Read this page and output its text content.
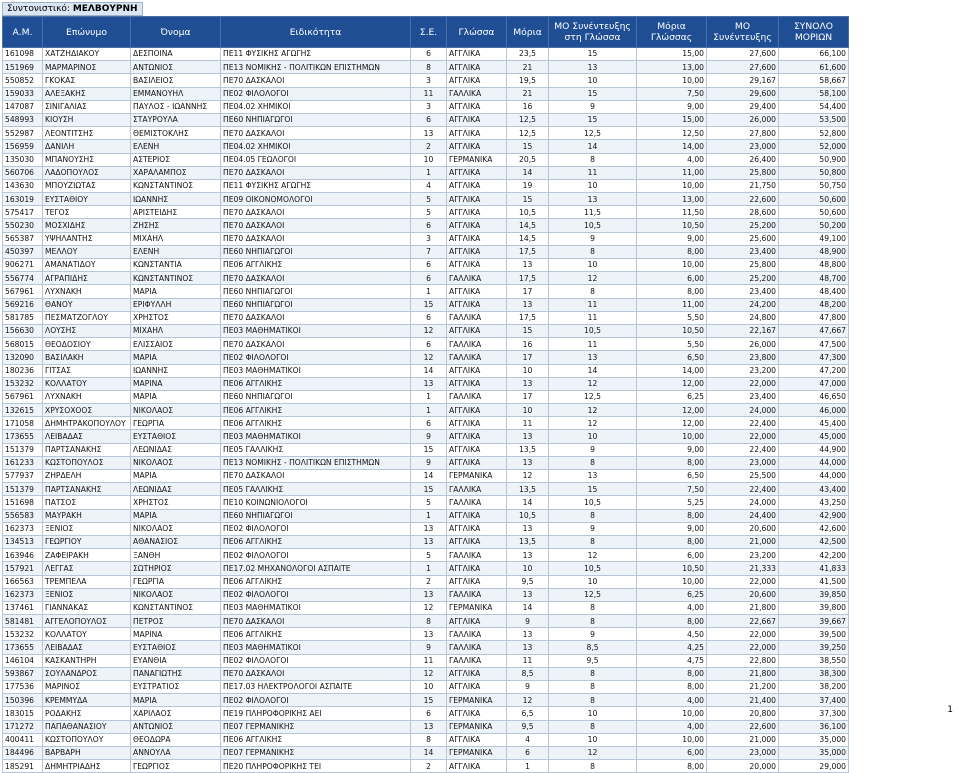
Συντονιστικό: ΜΕΛΒΟΥΡΝΗ
Α.Μ.	Επώνυμο	Όνομα	Ειδικότητα	Σ.Ε.	Γλώσσα	Μόρια	ΜΟ Συνέντευξης στη Γλώσσα	Μόρια Γλώσσας	ΜΟ Συνέντευξης	ΣΥΝΟΛΟ ΜΟΡΙΩΝ
161098	ΧΑΤΖΗΔΙΑΚΟΥ	ΔΕΣΠΟΙΝΑ	ΠΕ11 ΦΥΣΙΚΗΣ ΑΓΩΓΗΣ	6	ΑΓΓΛΙΚΑ	23,5	15	15,00	27,600	66,100
151969	ΜΑΡΜΑΡΙΝΟΣ	ΑΝΤΩΝΙΟΣ	ΠΕ13 ΝΟΜΙΚΗΣ - ΠΟΛΙΤΙΚΩΝ ΕΠΙΣΤΗΜΩΝ	8	ΑΓΓΛΙΚΑ	21	13	13,00	27,600	61,600
550852	ΓΚΟΚΑΣ	ΒΑΣΙΛΕΙΟΣ	ΠΕ70 ΔΑΣΚΑΛΟΙ	3	ΑΓΓΛΙΚΑ	19,5	10	10,00	29,167	58,667
159033	ΑΛΕΞΑΚΗΣ	ΕΜΜΑΝΟΥΗΛ	ΠΕ02 ΦΙΛΟΛΟΓΟΙ	11	ΓΑΛΛΙΚΑ	21	15	7,50	29,600	58,100
147087	ΣΙΝΙΓΑΛΙΑΣ	ΠΑΥΛΟΣ - ΙΩΑΝΝΗΣ	ΠΕ04.02 ΧΗΜΙΚΟΙ	3	ΑΓΓΛΙΚΑ	16	9	9,00	29,400	54,400
548993	ΚΙΟΥΣΗ	ΣΤΑΥΡΟΥΛΑ	ΠΕ60 ΝΗΠΙΑΓΩΓΟΙ	6	ΑΓΓΛΙΚΑ	12,5	15	15,00	26,000	53,500
552987	ΛΕΟΝΤΙΤΣΗΣ	ΘΕΜΙΣΤΟΚΛΗΣ	ΠΕ70 ΔΑΣΚΑΛΟΙ	13	ΑΓΓΛΙΚΑ	12,5	12,5	12,50	27,800	52,800
156959	ΔΑΝΙΛΗ	ΕΛΕΝΗ	ΠΕ04.02 ΧΗΜΙΚΟΙ	2	ΑΓΓΛΙΚΑ	15	14	14,00	23,000	52,000
135030	ΜΠΑΝΟΥΣΗΣ	ΑΣΤΕΡΙΟΣ	ΠΕ04.05 ΓΕΩΛΟΓΟΙ	10	ΓΕΡΜΑΝΙΚΑ	20,5	8	4,00	26,400	50,900
560706	ΛΑΔΟΠΟΥΛΟΣ	ΧΑΡΑΛΑΜΠΟΣ	ΠΕ70 ΔΑΣΚΑΛΟΙ	1	ΑΓΓΛΙΚΑ	14	11	11,00	25,800	50,800
143630	ΜΠΟΥΖΙΩΤΑΣ	ΚΩΝΣΤΑΝΤΙΝΟΣ	ΠΕ11 ΦΥΣΙΚΗΣ ΑΓΩΓΗΣ	4	ΑΓΓΛΙΚΑ	19	10	10,00	21,750	50,750
163019	ΕΥΣΤΑΘΙΟΥ	ΙΩΑΝΝΗΣ	ΠΕ09 ΟΙΚΟΝΟΜΟΛΟΓΟΙ	5	ΑΓΓΛΙΚΑ	15	13	13,00	22,600	50,600
575417	ΤΕΓΟΣ	ΑΡΙΣΤΕΙΔΗΣ	ΠΕ70 ΔΑΣΚΑΛΟΙ	5	ΑΓΓΛΙΚΑ	10,5	11,5	11,50	28,600	50,600
550230	ΜΟΣΧΙΔΗΣ	ΖΗΣΗΣ	ΠΕ70 ΔΑΣΚΑΛΟΙ	6	ΑΓΓΛΙΚΑ	14,5	10,5	10,50	25,200	50,200
565387	ΥΨΗΛΑΝΤΗΣ	ΜΙΧΑΗΛ	ΠΕ70 ΔΑΣΚΑΛΟΙ	3	ΑΓΓΛΙΚΑ	14,5	9	9,00	25,600	49,100
450397	ΜΕΛΛΟΥ	ΕΛΕΝΗ	ΠΕ60 ΝΗΠΙΑΓΩΓΟΙ	7	ΑΓΓΛΙΚΑ	17,5	8	8,00	23,400	48,900
906271	ΑΜΑΝΑΤΙΔΟΥ	ΚΩΝΣΤΑΝΤΙΑ	ΠΕ06 ΑΓΓΛΙΚΗΣ	6	ΑΓΓΛΙΚΑ	13	10	10,00	25,800	48,800
556774	ΑΓΡΑΠΙΔΗΣ	ΚΩΝΣΤΑΝΤΙΝΟΣ	ΠΕ70 ΔΑΣΚΑΛΟΙ	6	ΓΑΛΛΙΚΑ	17,5	12	6,00	25,200	48,700
567961	ΛΥΧΝΑΚΗ	ΜΑΡΙΑ	ΠΕ60 ΝΗΠΙΑΓΩΓΟΙ	1	ΑΓΓΛΙΚΑ	17	8	8,00	23,400	48,400
569216	ΘΑΝΟΥ	ΕΡΙΦΥΛΛΗ	ΠΕ60 ΝΗΠΙΑΓΩΓΟΙ	15	ΑΓΓΛΙΚΑ	13	11	11,00	24,200	48,200
581785	ΠΕΣΜΑΤΖΟΓΛΟΥ	ΧΡΗΣΤΟΣ	ΠΕ70 ΔΑΣΚΑΛΟΙ	6	ΓΑΛΛΙΚΑ	17,5	11	5,50	24,800	47,800
156630	ΛΟΥΣΗΣ	ΜΙΧΑΗΛ	ΠΕ03 ΜΑΘΗΜΑΤΙΚΟΙ	12	ΑΓΓΛΙΚΑ	15	10,5	10,50	22,167	47,667
568015	ΘΕΟΔΟΣΙΟΥ	ΕΛΙΣΣΑΙΟΣ	ΠΕ70 ΔΑΣΚΑΛΟΙ	6	ΓΑΛΛΙΚΑ	16	11	5,50	26,000	47,500
132090	ΒΑΣΙΛΑΚΗ	ΜΑΡΙΑ	ΠΕ02 ΦΙΛΟΛΟΓΟΙ	12	ΓΑΛΛΙΚΑ	17	13	6,50	23,800	47,300
180236	ΓΙΤΣΑΣ	ΙΩΑΝΝΗΣ	ΠΕ03 ΜΑΘΗΜΑΤΙΚΟΙ	14	ΑΓΓΛΙΚΑ	10	14	14,00	23,200	47,200
153232	ΚΟΛΛΑΤΟΥ	ΜΑΡΙΝΑ	ΠΕ06 ΑΓΓΛΙΚΗΣ	13	ΑΓΓΛΙΚΑ	13	12	12,00	22,000	47,000
567961	ΛΥΧΝΑΚΗ	ΜΑΡΙΑ	ΠΕ60 ΝΗΠΙΑΓΩΓΟΙ	1	ΓΑΛΛΙΚΑ	17	12,5	6,25	23,400	46,650
132615	ΧΡΥΣΟΧΟΟΣ	ΝΙΚΟΛΑΟΣ	ΠΕ06 ΑΓΓΛΙΚΗΣ	1	ΑΓΓΛΙΚΑ	10	12	12,00	24,000	46,000
171058	ΔΗΜΗΤΡΑΚΟΠΟΥΛΟΥ	ΓΕΩΡΓΙΑ	ΠΕ06 ΑΓΓΛΙΚΗΣ	6	ΑΓΓΛΙΚΑ	11	12	12,00	22,400	45,400
173655	ΛΕΙΒΑΔΑΣ	ΕΥΣΤΑΘΙΟΣ	ΠΕ03 ΜΑΘΗΜΑΤΙΚΟΙ	9	ΑΓΓΛΙΚΑ	13	10	10,00	22,000	45,000
151379	ΠΑΡΤΣΑΝΑΚΗΣ	ΛΕΩΝΙΔΑΣ	ΠΕ05 ΓΑΛΛΙΚΗΣ	15	ΑΓΓΛΙΚΑ	13,5	9	9,00	22,400	44,900
161233	ΚΩΣΤΟΠΟΥΛΟΣ	ΝΙΚΟΛΑΟΣ	ΠΕ13 ΝΟΜΙΚΗΣ - ΠΟΛΙΤΙΚΩΝ ΕΠΙΣΤΗΜΩΝ	9	ΑΓΓΛΙΚΑ	13	8	8,00	23,000	44,000
577937	ΖΗΡΔΕΛΗ	ΜΑΡΙΑ	ΠΕ70 ΔΑΣΚΑΛΟΙ	14	ΓΕΡΜΑΝΙΚΑ	12	13	6,50	25,500	44,000
151379	ΠΑΡΤΣΑΝΑΚΗΣ	ΛΕΩΝΙΔΑΣ	ΠΕ05 ΓΑΛΛΙΚΗΣ	15	ΓΑΛΛΙΚΑ	13,5	15	7,50	22,400	43,400
151698	ΠΑΤΣΟΣ	ΧΡΗΣΤΟΣ	ΠΕ10 ΚΟΙΝΩΝΙΟΛΟΓΟΙ	5	ΓΑΛΛΙΚΑ	14	10,5	5,25	24,000	43,250
556583	ΜΑΥΡΑΚΗ	ΜΑΡΙΑ	ΠΕ60 ΝΗΠΙΑΓΩΓΟΙ	1	ΑΓΓΛΙΚΑ	10,5	8	8,00	24,400	42,900
162373	ΞΕΝΙΟΣ	ΝΙΚΟΛΑΟΣ	ΠΕ02 ΦΙΛΟΛΟΓΟΙ	13	ΑΓΓΛΙΚΑ	13	9	9,00	20,600	42,600
134513	ΓΕΩΡΓΙΟΥ	ΑΘΑΝΑΣΙΟΣ	ΠΕ06 ΑΓΓΛΙΚΗΣ	13	ΑΓΓΛΙΚΑ	13,5	8	8,00	21,000	42,500
163946	ΖΑΦΕΙΡΑΚΗ	ΞΑΝΘΗ	ΠΕ02 ΦΙΛΟΛΟΓΟΙ	5	ΓΑΛΛΙΚΑ	13	12	6,00	23,200	42,200
157921	ΛΕΓΓΑΣ	ΣΩΤΗΡΙΟΣ	ΠΕ17.02 ΜΗΧΑΝΟΛΟΓΟΙ ΑΣΠΑΙΤΕ	1	ΑΓΓΛΙΚΑ	10	10,5	10,50	21,333	41,833
166563	ΤΡΕΜΠΕΛΑ	ΓΕΩΡΓΙΑ	ΠΕ06 ΑΓΓΛΙΚΗΣ	2	ΑΓΓΛΙΚΑ	9,5	10	10,00	22,000	41,500
162373	ΞΕΝΙΟΣ	ΝΙΚΟΛΑΟΣ	ΠΕ02 ΦΙΛΟΛΟΓΟΙ	13	ΓΑΛΛΙΚΑ	13	12,5	6,25	20,600	39,850
137461	ΓΙΑΝΝΑΚΑΣ	ΚΩΝΣΤΑΝΤΙΝΟΣ	ΠΕ03 ΜΑΘΗΜΑΤΙΚΟΙ	12	ΓΕΡΜΑΝΙΚΑ	14	8	4,00	21,800	39,800
581481	ΑΓΓΕΛΟΠΟΥΛΟΣ	ΠΕΤΡΟΣ	ΠΕ70 ΔΑΣΚΑΛΟΙ	8	ΑΓΓΛΙΚΑ	9	8	8,00	22,667	39,667
153232	ΚΟΛΛΑΤΟΥ	ΜΑΡΙΝΑ	ΠΕ06 ΑΓΓΛΙΚΗΣ	13	ΓΑΛΛΙΚΑ	13	9	4,50	22,000	39,500
173655	ΛΕΙΒΑΔΑΣ	ΕΥΣΤΑΘΙΟΣ	ΠΕ03 ΜΑΘΗΜΑΤΙΚΟΙ	9	ΓΑΛΛΙΚΑ	13	8,5	4,25	22,000	39,250
146104	ΚΑΣΚΑΝΤΗΡΗ	ΕΥΑΝΘΙΑ	ΠΕ02 ΦΙΛΟΛΟΓΟΙ	11	ΓΑΛΛΙΚΑ	11	9,5	4,75	22,800	38,550
593867	ΣΟΥΛΑΝΔΡΟΣ	ΠΑΝΑΓΙΩΤΗΣ	ΠΕ70 ΔΑΣΚΑΛΟΙ	12	ΑΓΓΛΙΚΑ	8,5	8	8,00	21,800	38,300
177536	ΜΑΡΙΝΟΣ	ΕΥΣΤΡΑΤΙΟΣ	ΠΕ17.03 ΗΛΕΚΤΡΟΛΟΓΟΙ ΑΣΠΑΙΤΕ	10	ΑΓΓΛΙΚΑ	9	8	8,00	21,200	38,200
150396	ΚΡΕΜΜΥΔΑ	ΜΑΡΙΑ	ΠΕ02 ΦΙΛΟΛΟΓΟΙ	15	ΓΕΡΜΑΝΙΚΑ	12	8	4,00	21,400	37,400
183015	ΡΟΔΑΚΗΣ	ΧΑΡΙΛΑΟΣ	ΠΕ19 ΠΛΗΡΟΦΟΡΙΚΗΣ ΑΕΙ	6	ΑΓΓΛΙΚΑ	6,5	10	10,00	20,800	37,300
171272	ΠΑΠΑΘΑΝΑΣΙΟΥ	ΑΝΤΩΝΙΟΣ	ΠΕ07 ΓΕΡΜΑΝΙΚΗΣ	13	ΓΕΡΜΑΝΙΚΑ	9,5	8	4,00	22,600	36,100
400411	ΚΩΣΤΟΠΟΥΛΟΥ	ΘΕΟΔΩΡΑ	ΠΕ06 ΑΓΓΛΙΚΗΣ	8	ΑΓΓΛΙΚΑ	4	10	10,00	21,000	35,000
184496	ΒΑΡΒΑΡΗ	ΑΝΝΟΥΛΑ	ΠΕ07 ΓΕΡΜΑΝΙΚΗΣ	14	ΓΕΡΜΑΝΙΚΑ	6	12	6,00	23,000	35,000
185291	ΔΗΜΗΤΡΙΑΔΗΣ	ΓΕΩΡΓΙΟΣ	ΠΕ20 ΠΛΗΡΟΦΟΡΙΚΗΣ ΤΕΙ	2	ΑΓΓΛΙΚΑ	1	8	8,00	20,000	29,000
1
